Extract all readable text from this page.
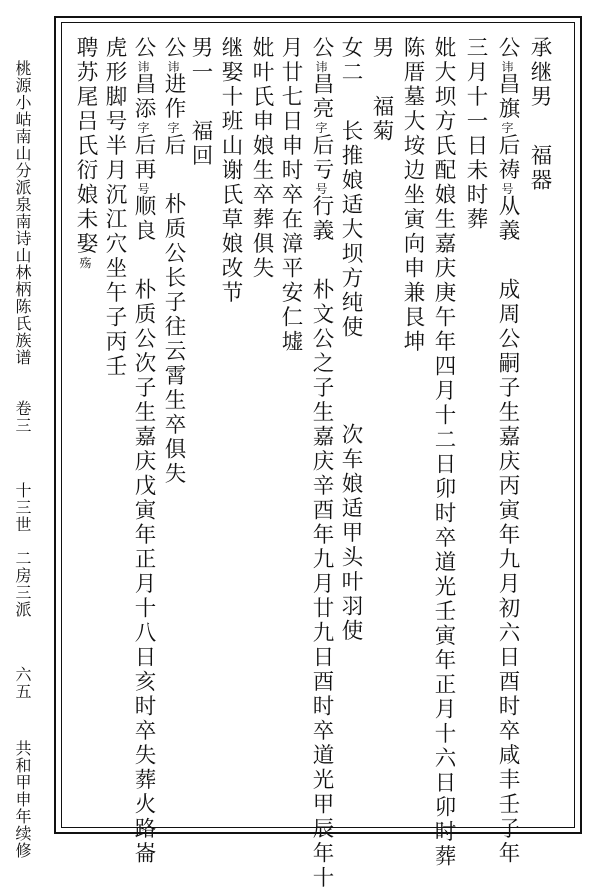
桃源小岵南山分派泉南诗山林柄陈氏族谱 卷三 十三世　二房三派 六五 共和甲申年续修
承继男　 福器
公讳昌旗字后祷号从義　 成周公嗣子生嘉庆丙寅年九月初六日酉时卒咸丰壬子年
三月十一日未时葬
妣大坝方氏配娘生嘉庆庚午年四月十二日卯时卒道光壬寅年正月十六日卯时葬
陈厝墓大垵边坐寅向申兼艮坤
男　 福菊
女二　 长推娘适大坝方纯使　　　 次车娘适甲头叶羽使
公讳昌亮字后亏号行義　 朴文公之子生嘉庆辛酉年九月廿九日酉时卒道光甲辰年十
月廿七日申时卒在漳平安仁墟
妣叶氏申娘生卒葬俱失
继娶十班山谢氏草娘改节
男一　 福回
公讳进作字后　 朴质公长子往云霄生卒俱失
公讳昌添字后再号顺良　 朴质公次子生嘉庆戊寅年正月十八日亥时卒失葬火路崙
虎形脚号半月沉江穴坐午子丙壬
聘苏尾吕氏衍娘未娶殇
